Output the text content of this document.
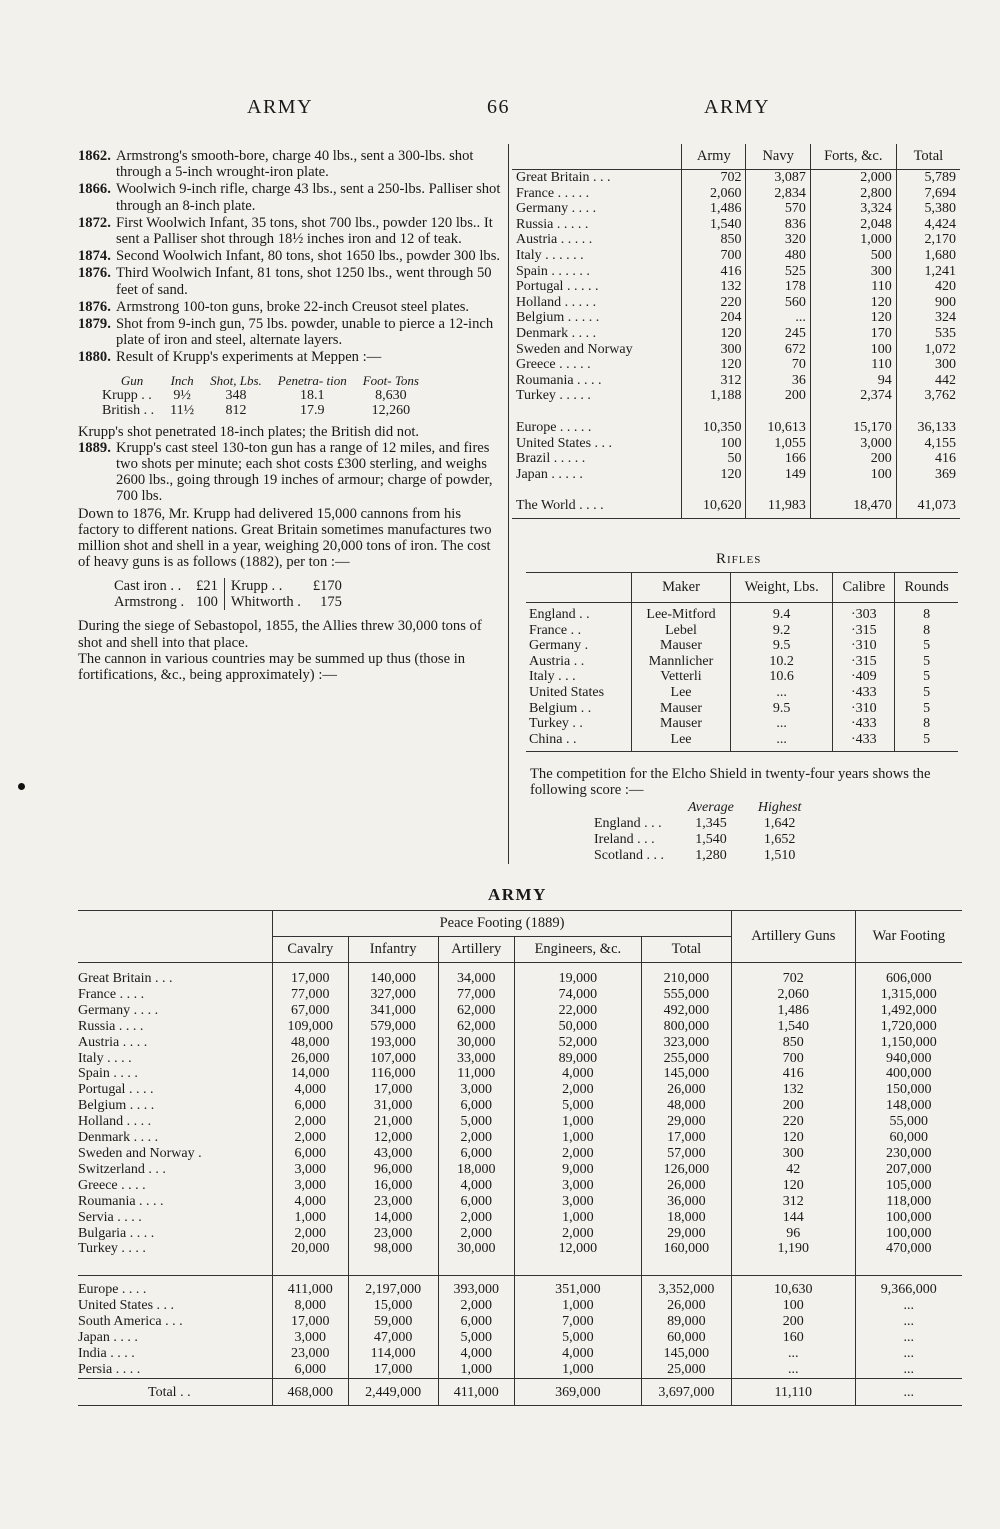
ARMY	66	ARMY
1862. Armstrong's smooth-bore, charge 40 lbs., sent a 300-lbs. shot through a 5-inch wrought-iron plate.
1866. Woolwich 9-inch rifle, charge 43 lbs., sent a 250-lbs. Palliser shot through an 8-inch plate.
1872. First Woolwich Infant, 35 tons, shot 700 lbs., powder 120 lbs.. It sent a Palliser shot through 18½ inches iron and 12 of teak.
1874. Second Woolwich Infant, 80 tons, shot 1650 lbs., powder 300 lbs.
1876. Third Woolwich Infant, 81 tons, shot 1250 lbs., went through 50 feet of sand.
1876. Armstrong 100-ton guns, broke 22-inch Creusot steel plates.
1879. Shot from 9-inch gun, 75 lbs. powder, unable to pierce a 12-inch plate of iron and steel, alternate layers.
1880. Result of Krupp's experiments at Meppen :—
Gun	Inch	Shot, Lbs.	Penetra- tion	Foot- Tons
Krupp . .	9½	348	18.1	8,630
British . .	11½	812	17.9	12,260

Krupp's shot penetrated 18-inch plates; the British did not.

1889. Krupp's cast steel 130-ton gun has a range of 12 miles, and fires two shots per minute; each shot costs £300 sterling, and weighs 2600 lbs., going through 19 inches of armour; charge of powder, 700 lbs.

Down to 1876, Mr. Krupp had delivered 15,000 cannons from his factory to different nations. Great Britain sometimes manufactures two million shot and shell in a year, weighing 20,000 tons of iron. The cost of heavy guns is as follows (1882), per ton :—

Cast iron . .	£21	Krupp . .	£170
Armstrong .	100	Whitworth .	175

During the siege of Sebastopol, 1855, the Allies threw 30,000 tons of shot and shell into that place.

The cannon in various countries may be summed up thus (those in fortifications, &c., being approximately) :—

	Army	Navy	Forts, &c.	Total
Great Britain . . .	702	3,087	2,000	5,789
France . . . . .	2,060	2,834	2,800	7,694
Germany . . . .	1,486	570	3,324	5,380
Russia . . . . .	1,540	836	2,048	4,424
Austria . . . . .	850	320	1,000	2,170
Italy . . . . . .	700	480	500	1,680
Spain . . . . . .	416	525	300	1,241
Portugal . . . . .	132	178	110	420
Holland . . . . .	220	560	120	900
Belgium . . . . .	204	...	120	324
Denmark . . . .	120	245	170	535
Sweden and Norway	300	672	100	1,072
Greece . . . . .	120	70	110	300
Roumania . . . .	312	36	94	442
Turkey . . . . .	1,188	200	2,374	3,762

Europe . . . . .	10,350	10,613	15,170	36,133
United States . . .	100	1,055	3,000	4,155
Brazil . . . . .	50	166	200	416
Japan . . . . .	120	149	100	369

The World . . . .	10,620	11,983	18,470	41,073
Rifles
	Maker	Weight, Lbs.	Calibre	Rounds
England . .	Lee-Mitford	9.4	·303	8
France . .	Lebel	9.2	·315	8
Germany .	Mauser	9.5	·310	5
Austria . .	Mannlicher	10.2	·315	5
Italy . . .	Vetterli	10.6	·409	5
United States	Lee	...	·433	5
Belgium . .	Mauser	9.5	·310	5
Turkey . .	Mauser	...	·433	8
China . .	Lee	...	·433	5
The competition for the Elcho Shield in twenty-four years shows the following score :—
	Average	Highest
England . . .	1,345	1,642
Ireland . . .	1,540	1,652
Scotland . . .	1,280	1,510
ARMY
	Peace Footing (1889)					Artillery Guns	War Footing
	Cavalry	Infantry	Artillery	Engineers, &c.	Total		

Great Britain . . .	17,000	140,000	34,000	19,000	210,000	702	606,000
France . . . .	77,000	327,000	77,000	74,000	555,000	2,060	1,315,000
Germany . . . .	67,000	341,000	62,000	22,000	492,000	1,486	1,492,000
Russia . . . .	109,000	579,000	62,000	50,000	800,000	1,540	1,720,000
Austria . . . .	48,000	193,000	30,000	52,000	323,000	850	1,150,000
Italy . . . .	26,000	107,000	33,000	89,000	255,000	700	940,000
Spain . . . .	14,000	116,000	11,000	4,000	145,000	416	400,000
Portugal . . . .	4,000	17,000	3,000	2,000	26,000	132	150,000
Belgium . . . .	6,000	31,000	6,000	5,000	48,000	200	148,000
Holland . . . .	2,000	21,000	5,000	1,000	29,000	220	55,000
Denmark . . . .	2,000	12,000	2,000	1,000	17,000	120	60,000
Sweden and Norway .	6,000	43,000	6,000	2,000	57,000	300	230,000
Switzerland . . .	3,000	96,000	18,000	9,000	126,000	42	207,000
Greece . . . .	3,000	16,000	4,000	3,000	26,000	120	105,000
Roumania . . . .	4,000	23,000	6,000	3,000	36,000	312	118,000
Servia . . . .	1,000	14,000	2,000	1,000	18,000	144	100,000
Bulgaria . . . .	2,000	23,000	2,000	2,000	29,000	96	100,000
Turkey . . . .	20,000	98,000	30,000	12,000	160,000	1,190	470,000

Europe . . . .	411,000	2,197,000	393,000	351,000	3,352,000	10,630	9,366,000
United States . . .	8,000	15,000	2,000	1,000	26,000	100	...
South America . . .	17,000	59,000	6,000	7,000	89,000	200	...
Japan . . . .	3,000	47,000	5,000	5,000	60,000	160	...
India . . . .	23,000	114,000	4,000	4,000	145,000	...	...
Persia . . . .	6,000	17,000	1,000	1,000	25,000	...	...
Total . .	468,000	2,449,000	411,000	369,000	3,697,000	11,110	...
